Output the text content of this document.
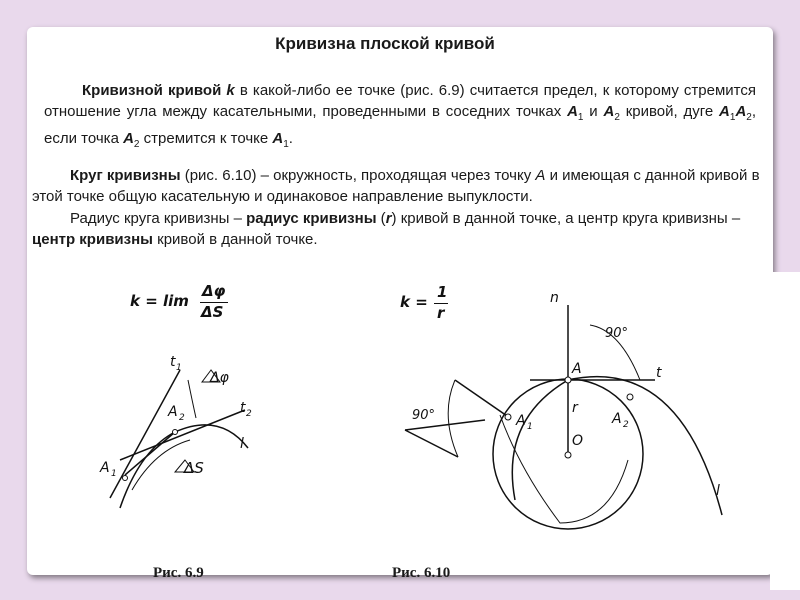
Кривизна плоской кривой
Кривизной кривой k в какой-либо ее точке (рис. 6.9) считается предел, к которому стремится отношение угла между касательными, проведенными в соседних точках $A_1$ и $A_2$ кривой, дуге $A_1A_2$, если точка $A_2$ стремится к точке $A_1$.
Круг кривизны (рис. 6.10) – окружность, проходящая через точку A и имеющая с данной кривой в этой точке общую касательную и одинаковое направление выпуклости.
Радиус круга кривизны – радиус кривизны (r) кривой в данной точке, а центр круга кривизны – центр кривизны кривой в данной точке.
k = lim
Δφ
ΔS
k =
1
r
t 1
t 2
Δφ
ΔS
A 1
A 2
l
n
90°
90°
A	t
A 1	A 2
r
O
l
Рис. 6.9	Рис. 6.10
